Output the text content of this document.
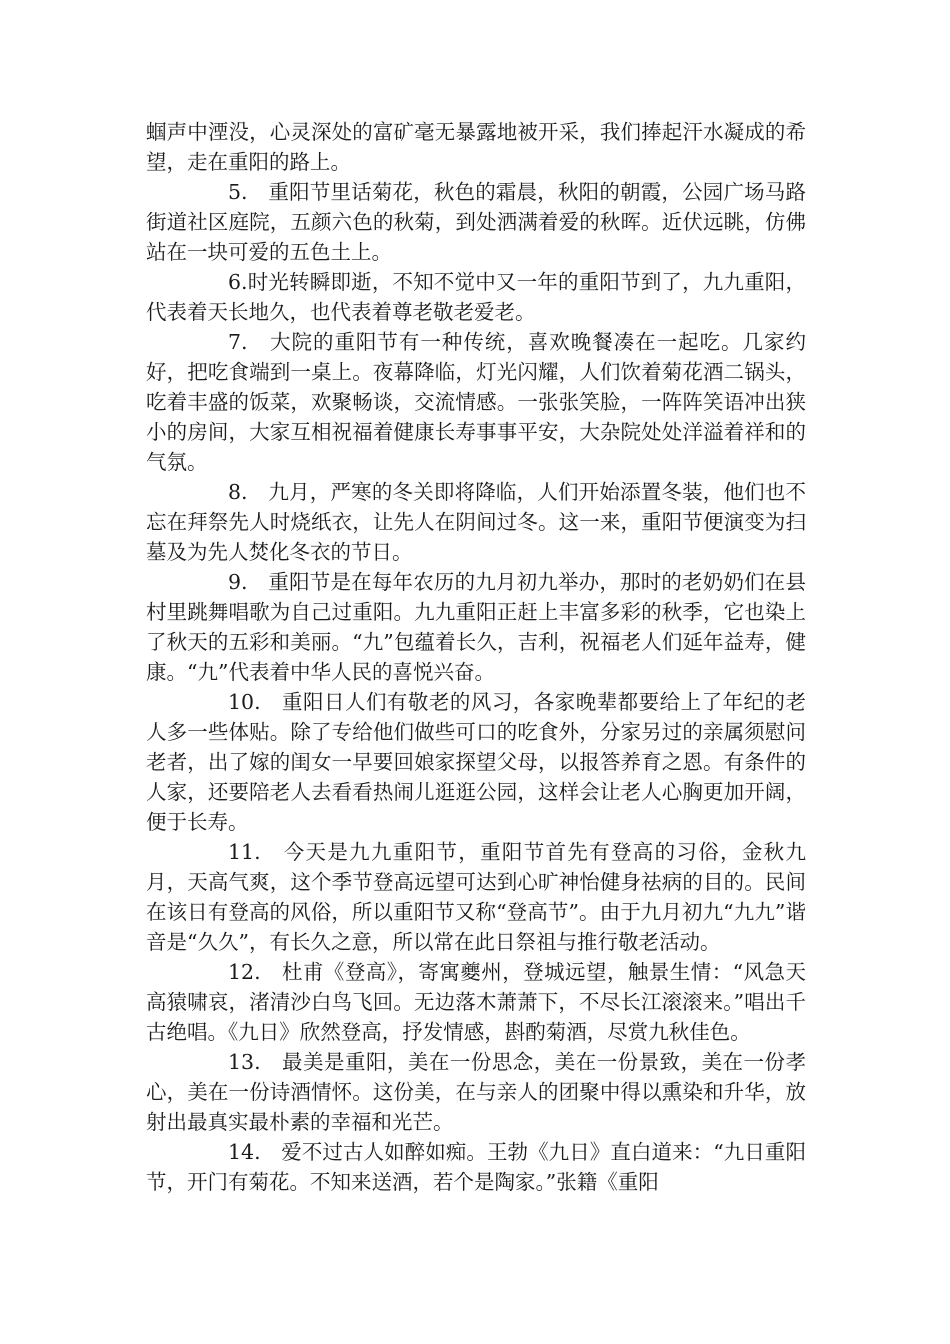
蝈声中湮没，心灵深处的富矿毫无暴露地被开采，我们捧起汗水凝成的希望，走在重阳的路上。

5.　重阳节里话菊花，秋色的霜晨，秋阳的朝霞，公园广场马路街道社区庭院，五颜六色的秋菊，到处洒满着爱的秋晖。近伏远眺，仿佛站在一块可爱的五色土上。

6.时光转瞬即逝，不知不觉中又一年的重阳节到了，九九重阳，代表着天长地久，也代表着尊老敬老爱老。

7.　大院的重阳节有一种传统，喜欢晚餐凑在一起吃。几家约好，把吃食端到一桌上。夜幕降临，灯光闪耀，人们饮着菊花酒二锅头，吃着丰盛的饭菜，欢聚畅谈，交流情感。一张张笑脸，一阵阵笑语冲出狭小的房间，大家互相祝福着健康长寿事事平安，大杂院处处洋溢着祥和的气氛。

8.　九月，严寒的冬关即将降临，人们开始添置冬装，他们也不忘在拜祭先人时烧纸衣，让先人在阴间过冬。这一来，重阳节便演变为扫墓及为先人焚化冬衣的节日。

9.　重阳节是在每年农历的九月初九举办，那时的老奶奶们在县村里跳舞唱歌为自己过重阳。九九重阳正赶上丰富多彩的秋季，它也染上了秋天的五彩和美丽。“九”包蕴着长久，吉利，祝福老人们延年益寿，健康。“九”代表着中华人民的喜悦兴奋。

10.　重阳日人们有敬老的风习，各家晚辈都要给上了年纪的老人多一些体贴。除了专给他们做些可口的吃食外，分家另过的亲属须慰问老者，出了嫁的闺女一早要回娘家探望父母，以报答养育之恩。有条件的人家，还要陪老人去看看热闹儿逛逛公园，这样会让老人心胸更加开阔，便于长寿。

11.　今天是九九重阳节，重阳节首先有登高的习俗，金秋九月，天高气爽，这个季节登高远望可达到心旷神怡健身祛病的目的。民间在该日有登高的风俗，所以重阳节又称“登高节”。由于九月初九“九九”谐音是“久久”，有长久之意，所以常在此日祭祖与推行敬老活动。

12.　杜甫《登高》，寄寓夔州，登城远望，触景生情：“风急天高猿啸哀，渚清沙白鸟飞回。无边落木萧萧下，不尽长江滚滚来。”唱出千古绝唱。《九日》欣然登高，抒发情感，斟酌菊酒，尽赏九秋佳色。

13.　最美是重阳，美在一份思念，美在一份景致，美在一份孝心，美在一份诗酒情怀。这份美，在与亲人的团聚中得以熏染和升华，放射出最真实最朴素的幸福和光芒。

14.　爱不过古人如醉如痴。王勃《九日》直白道来：“九日重阳节，开门有菊花。不知来送酒，若个是陶家。”张籍《重阳
